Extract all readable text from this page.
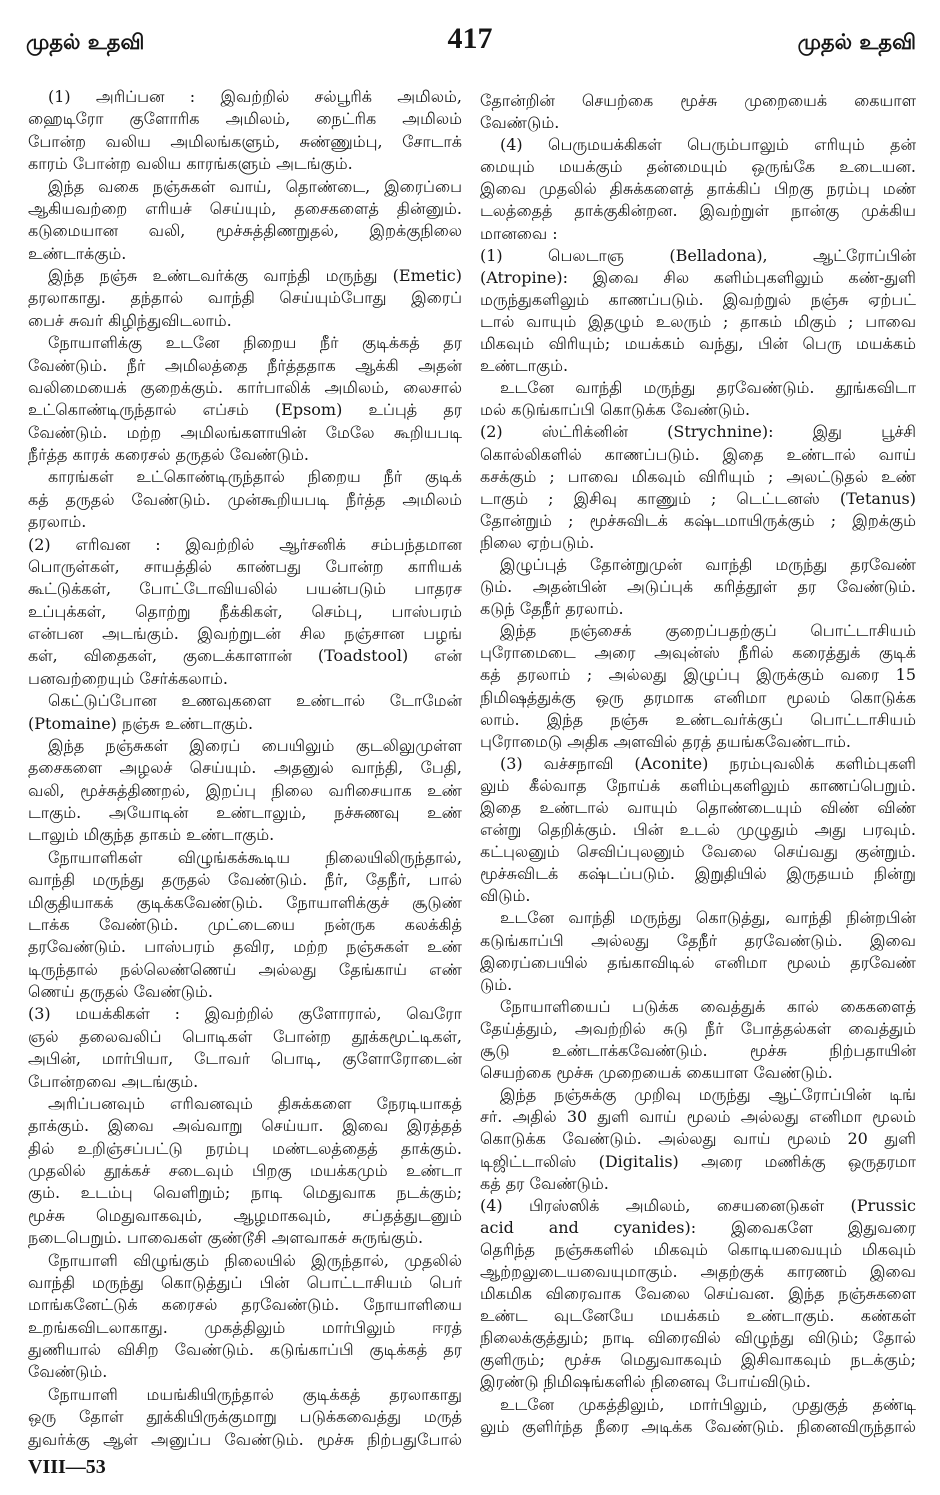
முதல் உதவி	417	முதல் உதவி
(1) அரிப்பன : இவற்றில் சல்பூரிக் அமிலம்,
ஹைடிரோ குளோரிக அமிலம், நைட்ரிக அமிலம்
போன்ற வலிய அமிலங்களும், சுண்ணும்பு, சோடாக்
காரம் போன்ற வலிய காரங்களும் அடங்கும்.
இந்த வகை நஞ்சுகள் வாய், தொண்டை, இரைப்பை
ஆகியவற்றை எரியச் செய்யும், தசைகளைத் தின்னும்.
கடுமையான வலி, மூச்சுத்திணறுதல், இறக்குநிலை
உண்டாக்கும்.
இந்த நஞ்சு உண்டவர்க்கு வாந்தி மருந்து (Emetic)
தரலாகாது. தந்தால் வாந்தி செய்யும்போது இரைப்
பைச் சுவர் கிழிந்துவிடலாம்.
நோயாளிக்கு உடனே நிறைய நீர் குடிக்கத் தர
வேண்டும். நீர் அமிலத்தை நீர்த்ததாக ஆக்கி அதன்
வலிமையைக் குறைக்கும். கார்பாலிக் அமிலம், லைசால்
உட்கொண்டிருந்தால் எப்சம் (Epsom) உப்புத் தர
வேண்டும். மற்ற அமிலங்களாயின் மேலே கூறியபடி
நீர்த்த காரக் கரைசல் தருதல் வேண்டும்.
காரங்கள் உட்கொண்டிருந்தால் நிறைய நீர் குடிக்
கத் தருதல் வேண்டும். முன்கூறியபடி நீர்த்த அமிலம்
தரலாம்.
(2) எரிவன : இவற்றில் ஆர்சனிக் சம்பந்தமான
பொருள்கள், சாயத்தில் காண்பது போன்ற காரியக்
கூட்டுக்கள், போட்டோவியலில் பயன்படும் பாதரச
உப்புக்கள், தொற்று நீக்கிகள், செம்பு, பாஸ்பரம்
என்பன அடங்கும். இவற்றுடன் சில நஞ்சான பழங்
கள், விதைகள், குடைக்காளான் (Toadstool) என்
பனவற்றையும் சேர்க்கலாம்.
கெட்டுப்போன உணவுகளை உண்டால் டோமேன்
(Ptomaine) நஞ்சு உண்டாகும்.
இந்த நஞ்சுகள் இரைப் பையிலும் குடலிலுமுள்ள
தசைகளை அழலச் செய்யும். அதனுல் வாந்தி, பேதி,
வலி, மூச்சுத்திணறல், இறப்பு நிலை வரிசையாக உண்
டாகும். அயோடின் உண்டாலும், நச்சுணவு உண்
டாலும் மிகுந்த தாகம் உண்டாகும்.
நோயாளிகள் விழுங்கக்கூடிய நிலையிலிருந்தால்,
வாந்தி மருந்து தருதல் வேண்டும். நீர், தேநீர், பால்
மிகுதியாகக் குடிக்கவேண்டும். நோயாளிக்குச் சூடுண்
டாக்க வேண்டும். முட்டையை நன்ருக கலக்கித்
தரவேண்டும். பாஸ்பரம் தவிர, மற்ற நஞ்சுகள் உண்
டிருந்தால் நல்லெண்ணெய் அல்லது தேங்காய் எண்
ணெய் தருதல் வேண்டும்.
(3) மயக்கிகள் : இவற்றில் குளோரால், வெரோ
ஞல் தலைவலிப் பொடிகள் போன்ற தூக்கமூட்டிகள்,
அபின், மார்பியா, டோவர் பொடி, குளோரோடைன்
போன்றவை அடங்கும்.
அரிப்பனவும் எரிவனவும் திசுக்களை நேரடியாகத்
தாக்கும். இவை அவ்வாறு செய்யா. இவை இரத்தத்
தில் உறிஞ்சப்பட்டு நரம்பு மண்டலத்தைத் தாக்கும்.
முதலில் தூக்கச் சடைவும் பிறகு மயக்கமும் உண்டா
கும். உடம்பு வெளிறும்; நாடி மெதுவாக நடக்கும்;
மூச்சு மெதுவாகவும், ஆழமாகவும், சப்தத்துடனும்
நடைபெறும். பாவைகள் குண்டூசி அளவாகச் சுருங்கும்.
நோயாளி விழுங்கும் நிலையில் இருந்தால், முதலில்
வாந்தி மருந்து கொடுத்துப் பின் பொட்டாசியம் பெர்
மாங்கனேட்டுக் கரைசல் தரவேண்டும். நோயாளியை
உறங்கவிடலாகாது. முகத்திலும் மார்பிலும் ஈரத்
துணியால் விசிற வேண்டும். கடுங்காப்பி குடிக்கத் தர
வேண்டும்.
நோயாளி மயங்கியிருந்தால் குடிக்கத் தரலாகாது
ஒரு தோள் தூக்கியிருக்குமாறு படுக்கவைத்து மருத்
துவர்க்கு ஆள் அனுப்ப வேண்டும். மூச்சு நிற்பதுபோல்
தோன்றின் செயற்கை மூச்சு முறையைக் கையாள
வேண்டும்.
(4) பெருமயக்கிகள் பெரும்பாலும் எரியும் தன்
மையும் மயக்கும் தன்மையும் ஒருங்கே உடையன.
இவை முதலில் திசுக்களைத் தாக்கிப் பிறகு நரம்பு மண்
டலத்தைத் தாக்குகின்றன. இவற்றுள் நான்கு முக்கிய
மானவை :
(1) பெலடாஞ (Belladona), ஆட்ரோப்பின்
(Atropine): இவை சில களிம்புகளிலும் கண்-துளி
மருந்துகளிலும் காணப்படும். இவற்றுல் நஞ்சு ஏற்பட்
டால் வாயும் இதழும் உலரும் ; தாகம் மிகும் ; பாவை
மிகவும் விரியும்; மயக்கம் வந்து, பின் பெரு மயக்கம்
உண்டாகும்.
உடனே வாந்தி மருந்து தரவேண்டும். தூங்கவிடா
மல் கடுங்காப்பி கொடுக்க வேண்டும்.
(2) ஸ்ட்ரிக்னின் (Strychnine): இது பூச்சி
கொல்லிகளில் காணப்படும். இதை உண்டால் வாய்
கசக்கும் ; பாவை மிகவும் விரியும் ; அலட்டுதல் உண்
டாகும் ; இசிவு காணும் ; டெட்டனஸ் (Tetanus)
தோன்றும் ; மூச்சுவிடக் கஷ்டமாயிருக்கும் ; இறக்கும்
நிலை ஏற்படும்.
இழுப்புத் தோன்றுமுன் வாந்தி மருந்து தரவேண்
டும். அதன்பின் அடுப்புக் கரித்தூள் தர வேண்டும்.
கடுந் தேநீர் தரலாம்.
இந்த நஞ்சைக் குறைப்பதற்குப் பொட்டாசியம்
புரோமைடை அரை அவுன்ஸ் நீரில் கரைத்துக் குடிக்
கத் தரலாம் ; அல்லது இழுப்பு இருக்கும் வரை 15
நிமிஷத்துக்கு ஒரு தரமாக எனிமா மூலம் கொடுக்க
லாம். இந்த நஞ்சு உண்டவர்க்குப் பொட்டாசியம்
புரோமைடு அதிக அளவில் தரத் தயங்கவேண்டாம்.
(3) வச்சநாவி (Aconite) நரம்புவலிக் களிம்புகளி
லும் கீல்வாத நோய்க் களிம்புகளிலும் காணப்பெறும்.
இதை உண்டால் வாயும் தொண்டையும் விண் விண்
என்று தெறிக்கும். பின் உடல் முழுதும் அது பரவும்.
கட்புலனும் செவிப்புலனும் வேலை செய்வது குன்றும்.
மூச்சுவிடக் கஷ்டப்படும். இறுதியில் இருதயம் நின்று
விடும்.
உடனே வாந்தி மருந்து கொடுத்து, வாந்தி நின்றபின்
கடுங்காப்பி அல்லது தேநீர் தரவேண்டும். இவை
இரைப்பையில் தங்காவிடில் எனிமா மூலம் தரவேண்
டும்.
நோயாளியைப் படுக்க வைத்துக் கால் கைகளைத்
தேய்த்தும், அவற்றில் சுடு நீர் போத்தல்கள் வைத்தும்
சூடு உண்டாக்கவேண்டும். மூச்சு நிற்பதாயின்
செயற்கை மூச்சு முறையைக் கையாள வேண்டும்.
இந்த நஞ்சுக்கு முறிவு மருந்து ஆட்ரோப்பின் டிங்
சர். அதில் 30 துளி வாய் மூலம் அல்லது எனிமா மூலம்
கொடுக்க வேண்டும். அல்லது வாய் மூலம் 20 துளி
டிஜிட்டாலிஸ் (Digitalis) அரை மணிக்கு ஒருதரமா
கத் தர வேண்டும்.
(4) பிரஸ்ஸிக் அமிலம், சையனைடுகள் (Prussic
acid and cyanides): இவைகளே இதுவரை
தெரிந்த நஞ்சுகளில் மிகவும் கொடியவையும் மிகவும்
ஆற்றலுடையவையுமாகும். அதற்குக் காரணம் இவை
மிகமிக விரைவாக வேலை செய்வன. இந்த நஞ்சுகளை
உண்ட வுடனேயே மயக்கம் உண்டாகும். கண்கள்
நிலைக்குத்தும்; நாடி விரைவில் விழுந்து விடும்; தோல்
குளிரும்; மூச்சு மெதுவாகவும் இசிவாகவும் நடக்கும்;
இரண்டு நிமிஷங்களில் நினைவு போய்விடும்.
உடனே முகத்திலும், மார்பிலும், முதுகுத் தண்டி
லும் குளிர்ந்த நீரை அடிக்க வேண்டும். நினைவிருந்தால்
VIII—53
